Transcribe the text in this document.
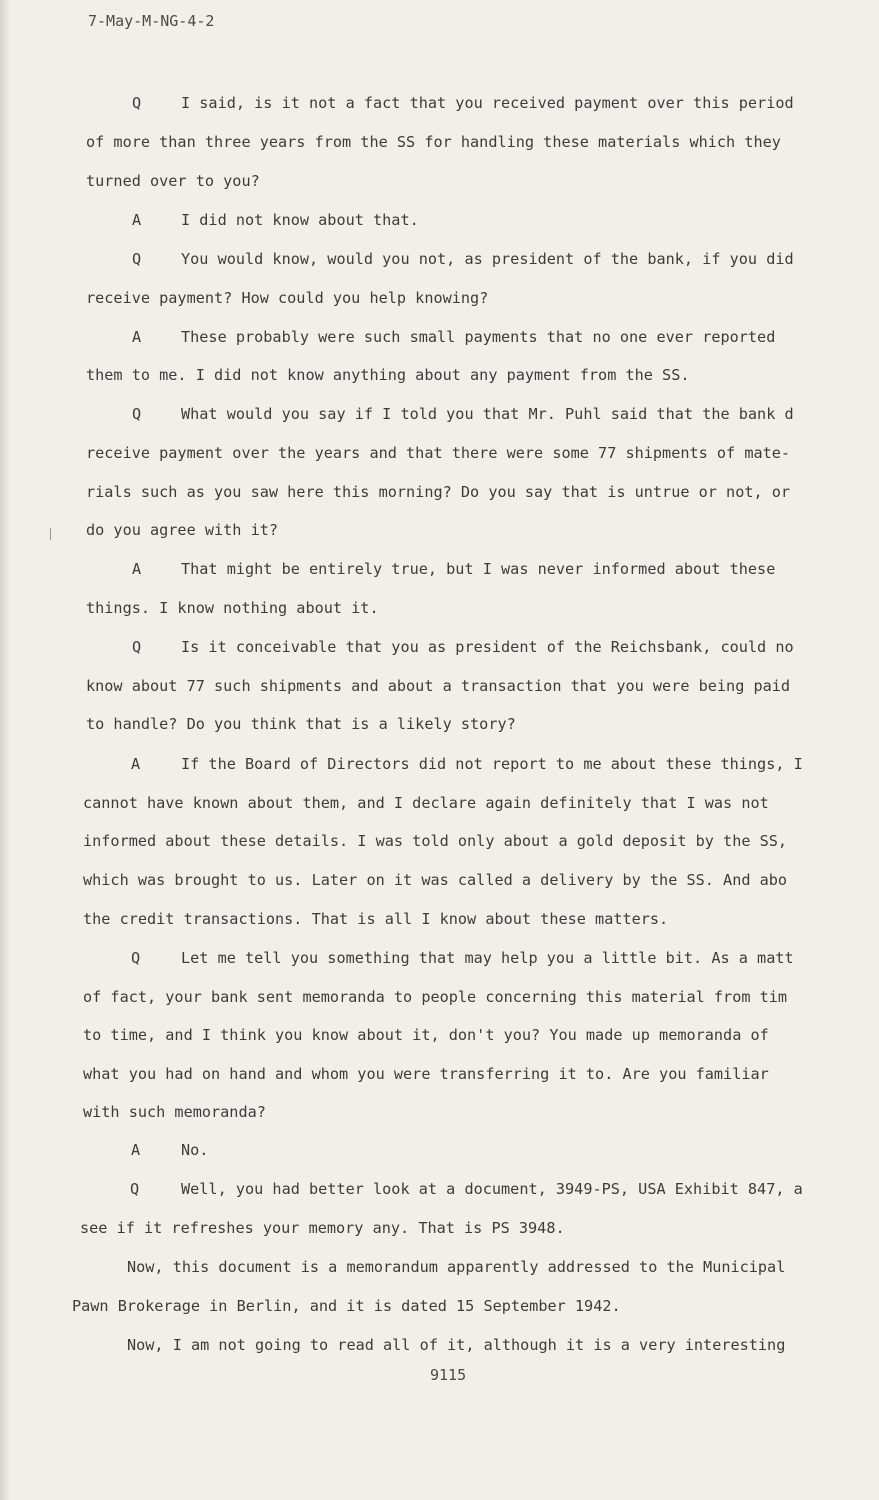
7-May-M-NG-4-2
Q	I said, is it not a fact that you received payment over this period
of more than three years from the SS for handling these materials which they
turned over to you?
A	I did not know about that.
Q	You would know, would you not, as president of the bank, if you did
receive payment? How could you help knowing?
A	These probably were such small payments that no one ever reported
them to me. I did not know anything about any payment from the SS.
Q	What would you say if I told you that Mr. Puhl said that the bank d
receive payment over the years and that there were some 77 shipments of mate-
rials such as you saw here this morning? Do you say that is untrue or not, or
do you agree with it?
A	That might be entirely true, but I was never informed about these
things. I know nothing about it.
Q	Is it conceivable that you as president of the Reichsbank, could no
know about 77 such shipments and about a transaction that you were being paid
to handle? Do you think that is a likely story?
A	If the Board of Directors did not report to me about these things, I
cannot have known about them, and I declare again definitely that I was not
informed about these details. I was told only about a gold deposit by the SS,
which was brought to us. Later on it was called a delivery by the SS. And abo
the credit transactions. That is all I know about these matters.
Q	Let me tell you something that may help you a little bit. As a matt
of fact, your bank sent memoranda to people concerning this material from tim
to time, and I think you know about it, don't you? You made up memoranda of
what you had on hand and whom you were transferring it to. Are you familiar
with such memoranda?
A	No.
Q	Well, you had better look at a document, 3949-PS, USA Exhibit 847, a
see if it refreshes your memory any. That is PS 3948.
Now, this document is a memorandum apparently addressed to the Municipal
Pawn Brokerage in Berlin, and it is dated 15 September 1942.
Now, I am not going to read all of it, although it is a very interesting
9115
